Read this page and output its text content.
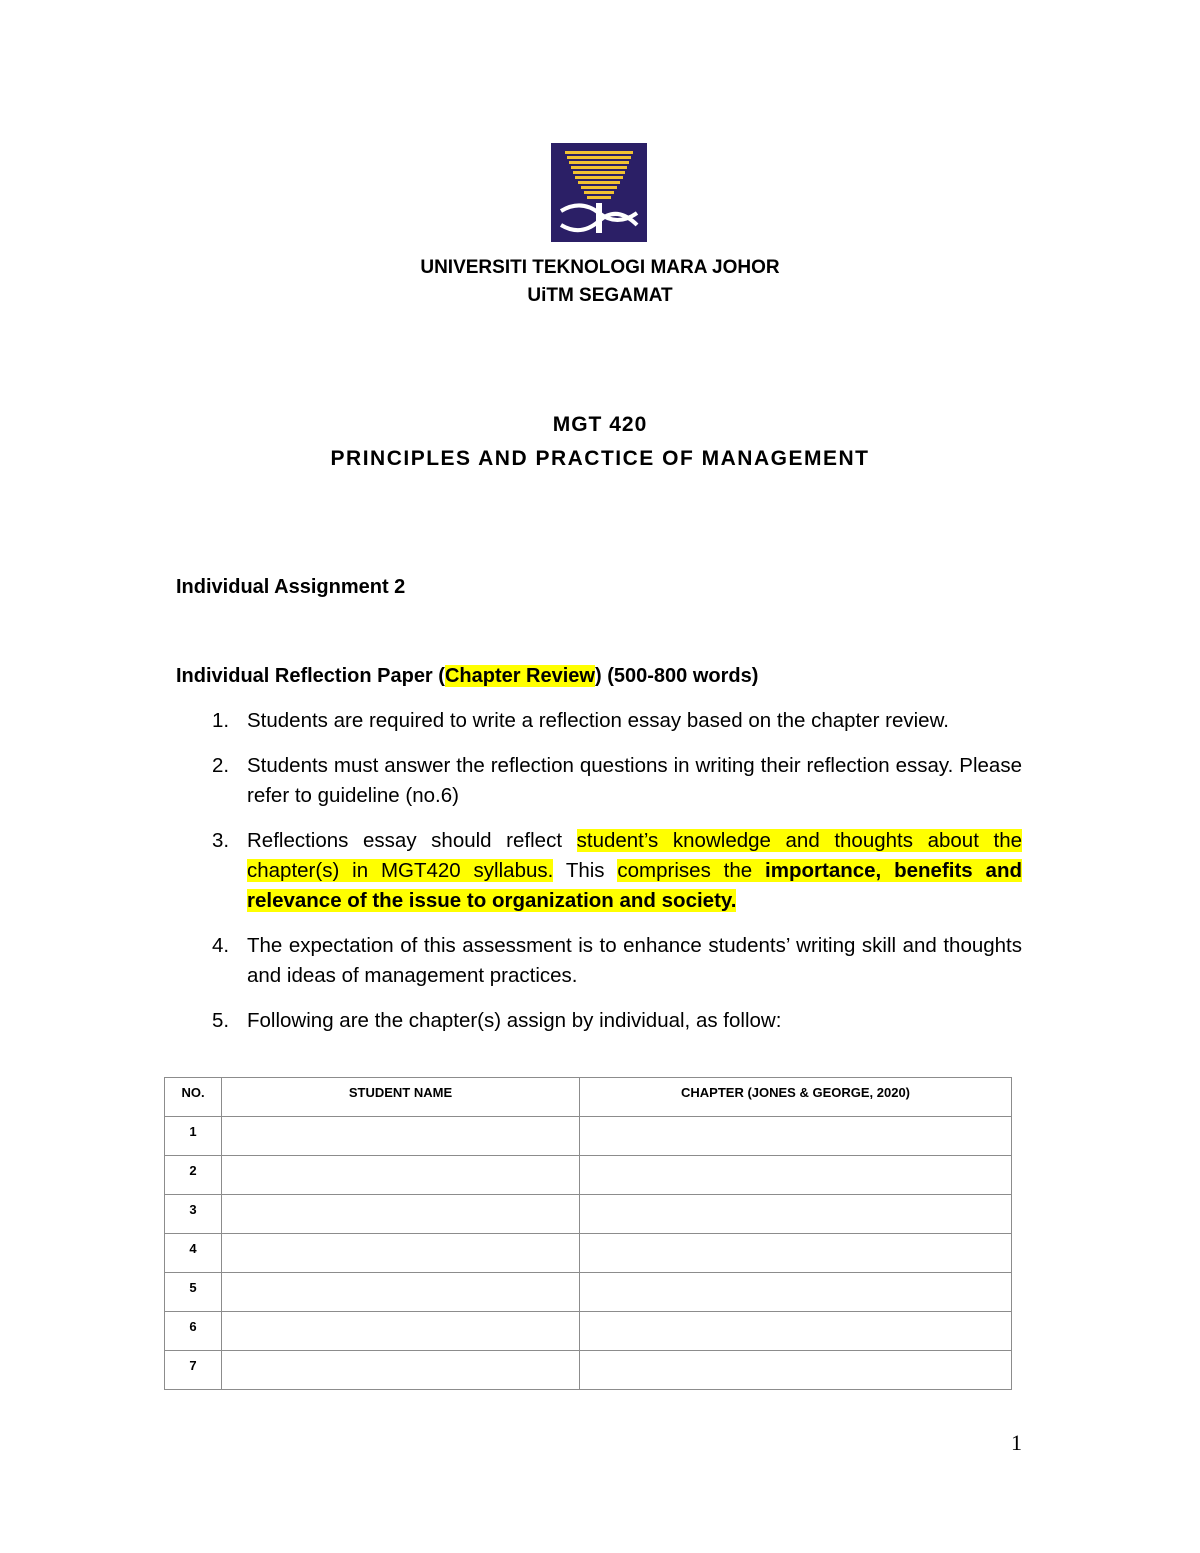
UNIVERSITI TEKNOLOGI MARA JOHOR
UiTM SEGAMAT
MGT 420
PRINCIPLES AND PRACTICE OF MANAGEMENT
Individual Assignment 2
Individual Reflection Paper (Chapter Review) (500-800 words)
1. Students are required to write a reflection essay based on the chapter review.
2. Students must answer the reflection questions in writing their reflection essay. Please refer to guideline (no.6)
3. Reflections essay should reflect student’s knowledge and thoughts about the chapter(s) in MGT420 syllabus. This comprises the importance, benefits and relevance of the issue to organization and society.
4. The expectation of this assessment is to enhance students’ writing skill and thoughts and ideas of management practices.
5. Following are the chapter(s) assign by individual, as follow:
NO.	STUDENT NAME	CHAPTER (JONES & GEORGE, 2020)

1		

2		

3		

4		

5		

6		

7		

1
